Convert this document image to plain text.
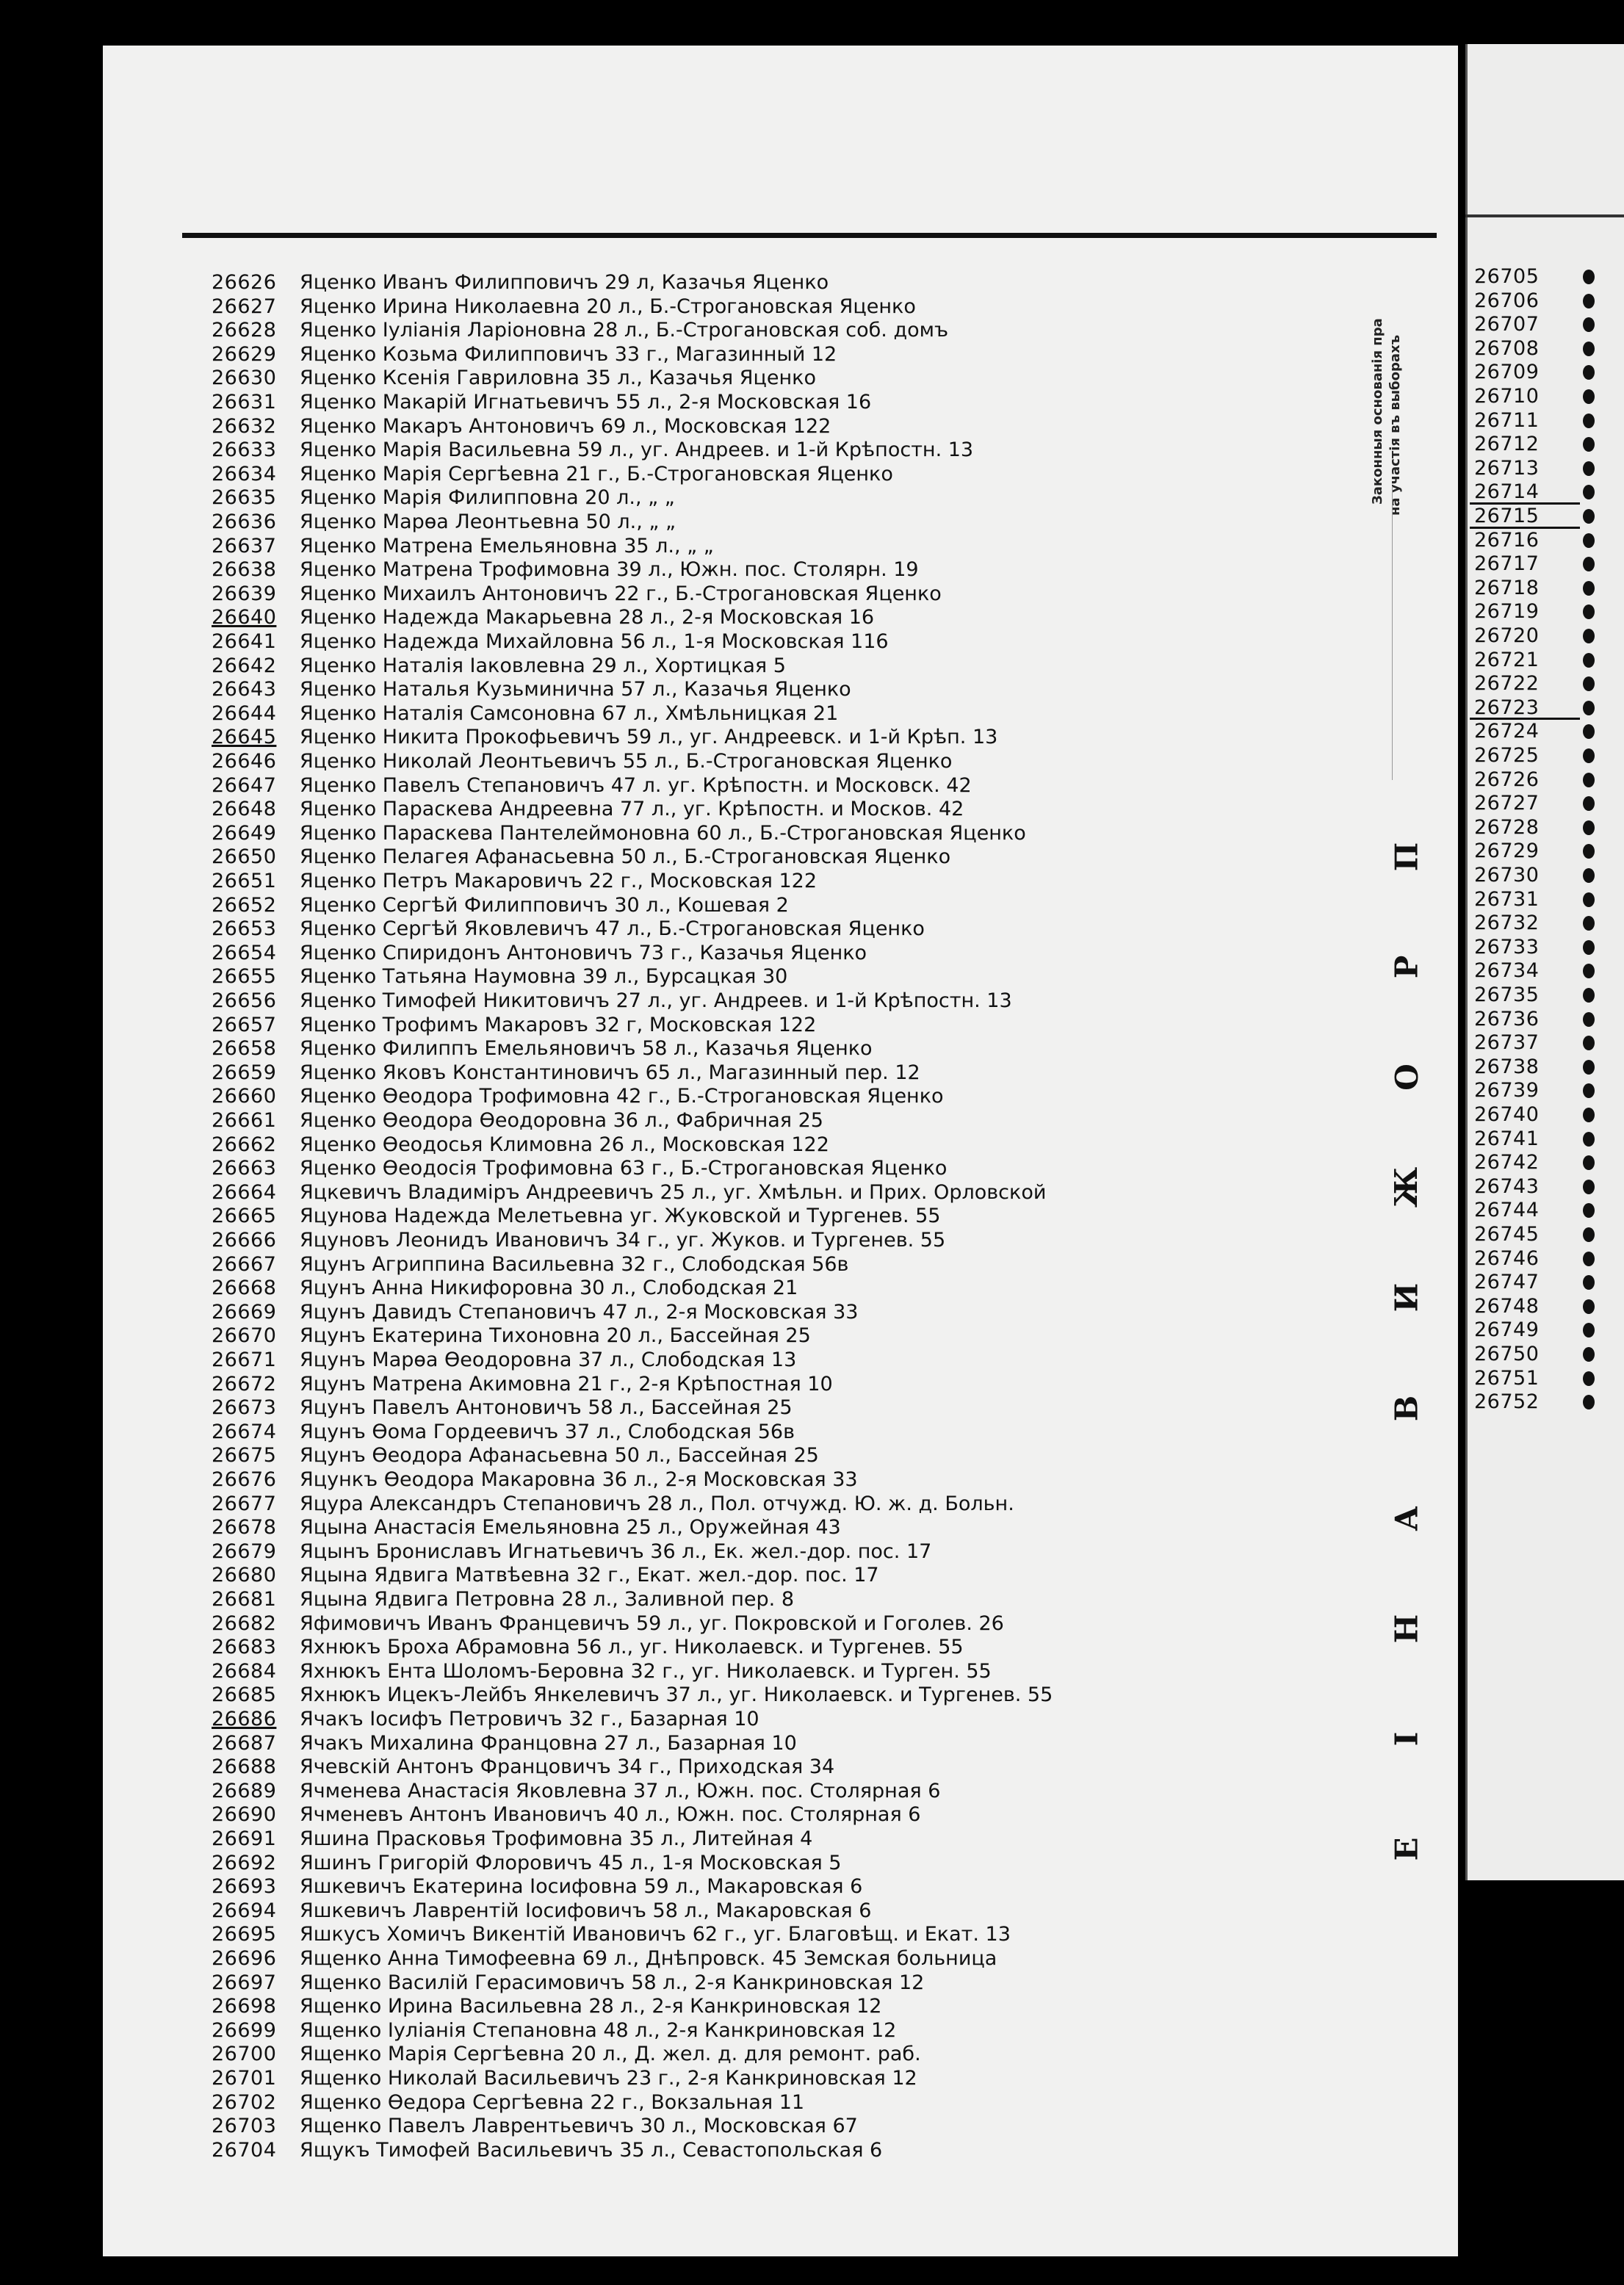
Законныя основанія пра на участія въ выборахъ
П
Р
О
Ж
И
В
А
Н
І
Е
26626	Яценко Иванъ Филипповичъ 29 л, Казачья Яценко
26627	Яценко Ирина Николаевна 20 л., Б.-Строгановская Яценко
26628	Яценко Іуліанія Ларіоновна 28 л., Б.-Строгановская соб. домъ
26629	Яценко Козьма Филипповичъ 33 г., Магазинный 12
26630	Яценко Ксенія Гавриловна 35 л., Казачья Яценко
26631	Яценко Макарій Игнатьевичъ 55 л., 2-я Московская 16
26632	Яценко Макаръ Антоновичъ 69 л., Московская 122
26633	Яценко Марія Васильевна 59 л., уг. Андреев. и 1-й Крѣпостн. 13
26634	Яценко Марія Сергѣевна 21 г., Б.-Строгановская Яценко
26635	Яценко Марія Филипповна 20 л., „ „
26636	Яценко Марѳа Леонтьевна 50 л., „ „
26637	Яценко Матрена Емельяновна 35 л., „ „
26638	Яценко Матрена Трофимовна 39 л., Южн. пос. Столярн. 19
26639	Яценко Михаилъ Антоновичъ 22 г., Б.-Строгановская Яценко
26640	Яценко Надежда Макарьевна 28 л., 2-я Московская 16
26641	Яценко Надежда Михайловна 56 л., 1-я Московская 116
26642	Яценко Наталія Іаковлевна 29 л., Хортицкая 5
26643	Яценко Наталья Кузьминична 57 л., Казачья Яценко
26644	Яценко Наталія Самсоновна 67 л., Хмѣльницкая 21
26645	Яценко Никита Прокофьевичъ 59 л., уг. Андреевск. и 1-й Крѣп. 13
26646	Яценко Николай Леонтьевичъ 55 л., Б.-Строгановская Яценко
26647	Яценко Павелъ Степановичъ 47 л. уг. Крѣпостн. и Московск. 42
26648	Яценко Параскева Андреевна 77 л., уг. Крѣпостн. и Москов. 42
26649	Яценко Параскева Пантелеймоновна 60 л., Б.-Строгановская Яценко
26650	Яценко Пелагея Афанасьевна 50 л., Б.-Строгановская Яценко
26651	Яценко Петръ Макаровичъ 22 г., Московская 122
26652	Яценко Сергѣй Филипповичъ 30 л., Кошевая 2
26653	Яценко Сергѣй Яковлевичъ 47 л., Б.-Строгановская Яценко
26654	Яценко Спиридонъ Антоновичъ 73 г., Казачья Яценко
26655	Яценко Татьяна Наумовна 39 л., Бурсацкая 30
26656	Яценко Тимофей Никитовичъ 27 л., уг. Андреев. и 1-й Крѣпостн. 13
26657	Яценко Трофимъ Макаровъ 32 г, Московская 122
26658	Яценко Филиппъ Емельяновичъ 58 л., Казачья Яценко
26659	Яценко Яковъ Константиновичъ 65 л., Магазинный пер. 12
26660	Яценко Ѳеодора Трофимовна 42 г., Б.-Строгановская Яценко
26661	Яценко Ѳеодора Ѳеодоровна 36 л., Фабричная 25
26662	Яценко Ѳеодосья Климовна 26 л., Московская 122
26663	Яценко Ѳеодосія Трофимовна 63 г., Б.-Строгановская Яценко
26664	Яцкевичъ Владиміръ Андреевичъ 25 л., уг. Хмѣльн. и Прих. Орловской
26665	Яцунова Надежда Мелетьевна уг. Жуковской и Тургенев. 55
26666	Яцуновъ Леонидъ Ивановичъ 34 г., уг. Жуков. и Тургенев. 55
26667	Яцунъ Агриппина Васильевна 32 г., Слободская 56в
26668	Яцунъ Анна Никифоровна 30 л., Слободская 21
26669	Яцунъ Давидъ Степановичъ 47 л., 2-я Московская 33
26670	Яцунъ Екатерина Тихоновна 20 л., Бассейная 25
26671	Яцунъ Марѳа Ѳеодоровна 37 л., Слободская 13
26672	Яцунъ Матрена Акимовна 21 г., 2-я Крѣпостная 10
26673	Яцунъ Павелъ Антоновичъ 58 л., Бассейная 25
26674	Яцунъ Ѳома Гордеевичъ 37 л., Слободская 56в
26675	Яцунъ Ѳеодора Афанасьевна 50 л., Бассейная 25
26676	Яцункъ Ѳеодора Макаровна 36 л., 2-я Московская 33
26677	Яцура Александръ Степановичъ 28 л., Пол. отчужд. Ю. ж. д. Больн.
26678	Яцына Анастасія Емельяновна 25 л., Оружейная 43
26679	Яцынъ Брониславъ Игнатьевичъ 36 л., Ек. жел.-дор. пос. 17
26680	Яцына Ядвига Матвѣевна 32 г., Екат. жел.-дор. пос. 17
26681	Яцына Ядвига Петровна 28 л., Заливной пер. 8
26682	Яфимовичъ Иванъ Францевичъ 59 л., уг. Покровской и Гоголев. 26
26683	Яхнюкъ Броха Абрамовна 56 л., уг. Николаевск. и Тургенев. 55
26684	Яхнюкъ Ента Шоломъ-Беровна 32 г., уг. Николаевск. и Турген. 55
26685	Яхнюкъ Ицекъ-Лейбъ Янкелевичъ 37 л., уг. Николаевск. и Тургенев. 55
26686	Ячакъ Іосифъ Петровичъ 32 г., Базарная 10
26687	Ячакъ Михалина Францовна 27 л., Базарная 10
26688	Ячевскій Антонъ Францовичъ 34 г., Приходская 34
26689	Ячменева Анастасія Яковлевна 37 л., Южн. пос. Столярная 6
26690	Ячменевъ Антонъ Ивановичъ 40 л., Южн. пос. Столярная 6
26691	Яшина Прасковья Трофимовна 35 л., Литейная 4
26692	Яшинъ Григорій Флоровичъ 45 л., 1-я Московская 5
26693	Яшкевичъ Екатерина Іосифовна 59 л., Макаровская 6
26694	Яшкевичъ Лаврентій Іосифовичъ 58 л., Макаровская 6
26695	Яшкусъ Хомичъ Викентій Ивановичъ 62 г., уг. Благовѣщ. и Екат. 13
26696	Ященко Анна Тимофеевна 69 л., Днѣпровск. 45 Земская больница
26697	Ященко Василій Герасимовичъ 58 л., 2-я Канкриновская 12
26698	Ященко Ирина Васильевна 28 л., 2-я Канкриновская 12
26699	Ященко Іуліанія Степановна 48 л., 2-я Канкриновская 12
26700	Ященко Марія Сергѣевна 20 л., Д. жел. д. для ремонт. раб.
26701	Ященко Николай Васильевичъ 23 г., 2-я Канкриновская 12
26702	Ященко Ѳедора Сергѣевна 22 г., Вокзальная 11
26703	Ященко Павелъ Лаврентьевичъ 30 л., Московская 67
26704	Ящукъ Тимофей Васильевичъ 35 л., Севастопольская 6
26705
26706
26707
26708
26709
26710
26711
26712
26713
26714
26715
26716
26717
26718
26719
26720
26721
26722
26723
26724
26725
26726
26727
26728
26729
26730
26731
26732
26733
26734
26735
26736
26737
26738
26739
26740
26741
26742
26743
26744
26745
26746
26747
26748
26749
26750
26751
26752
